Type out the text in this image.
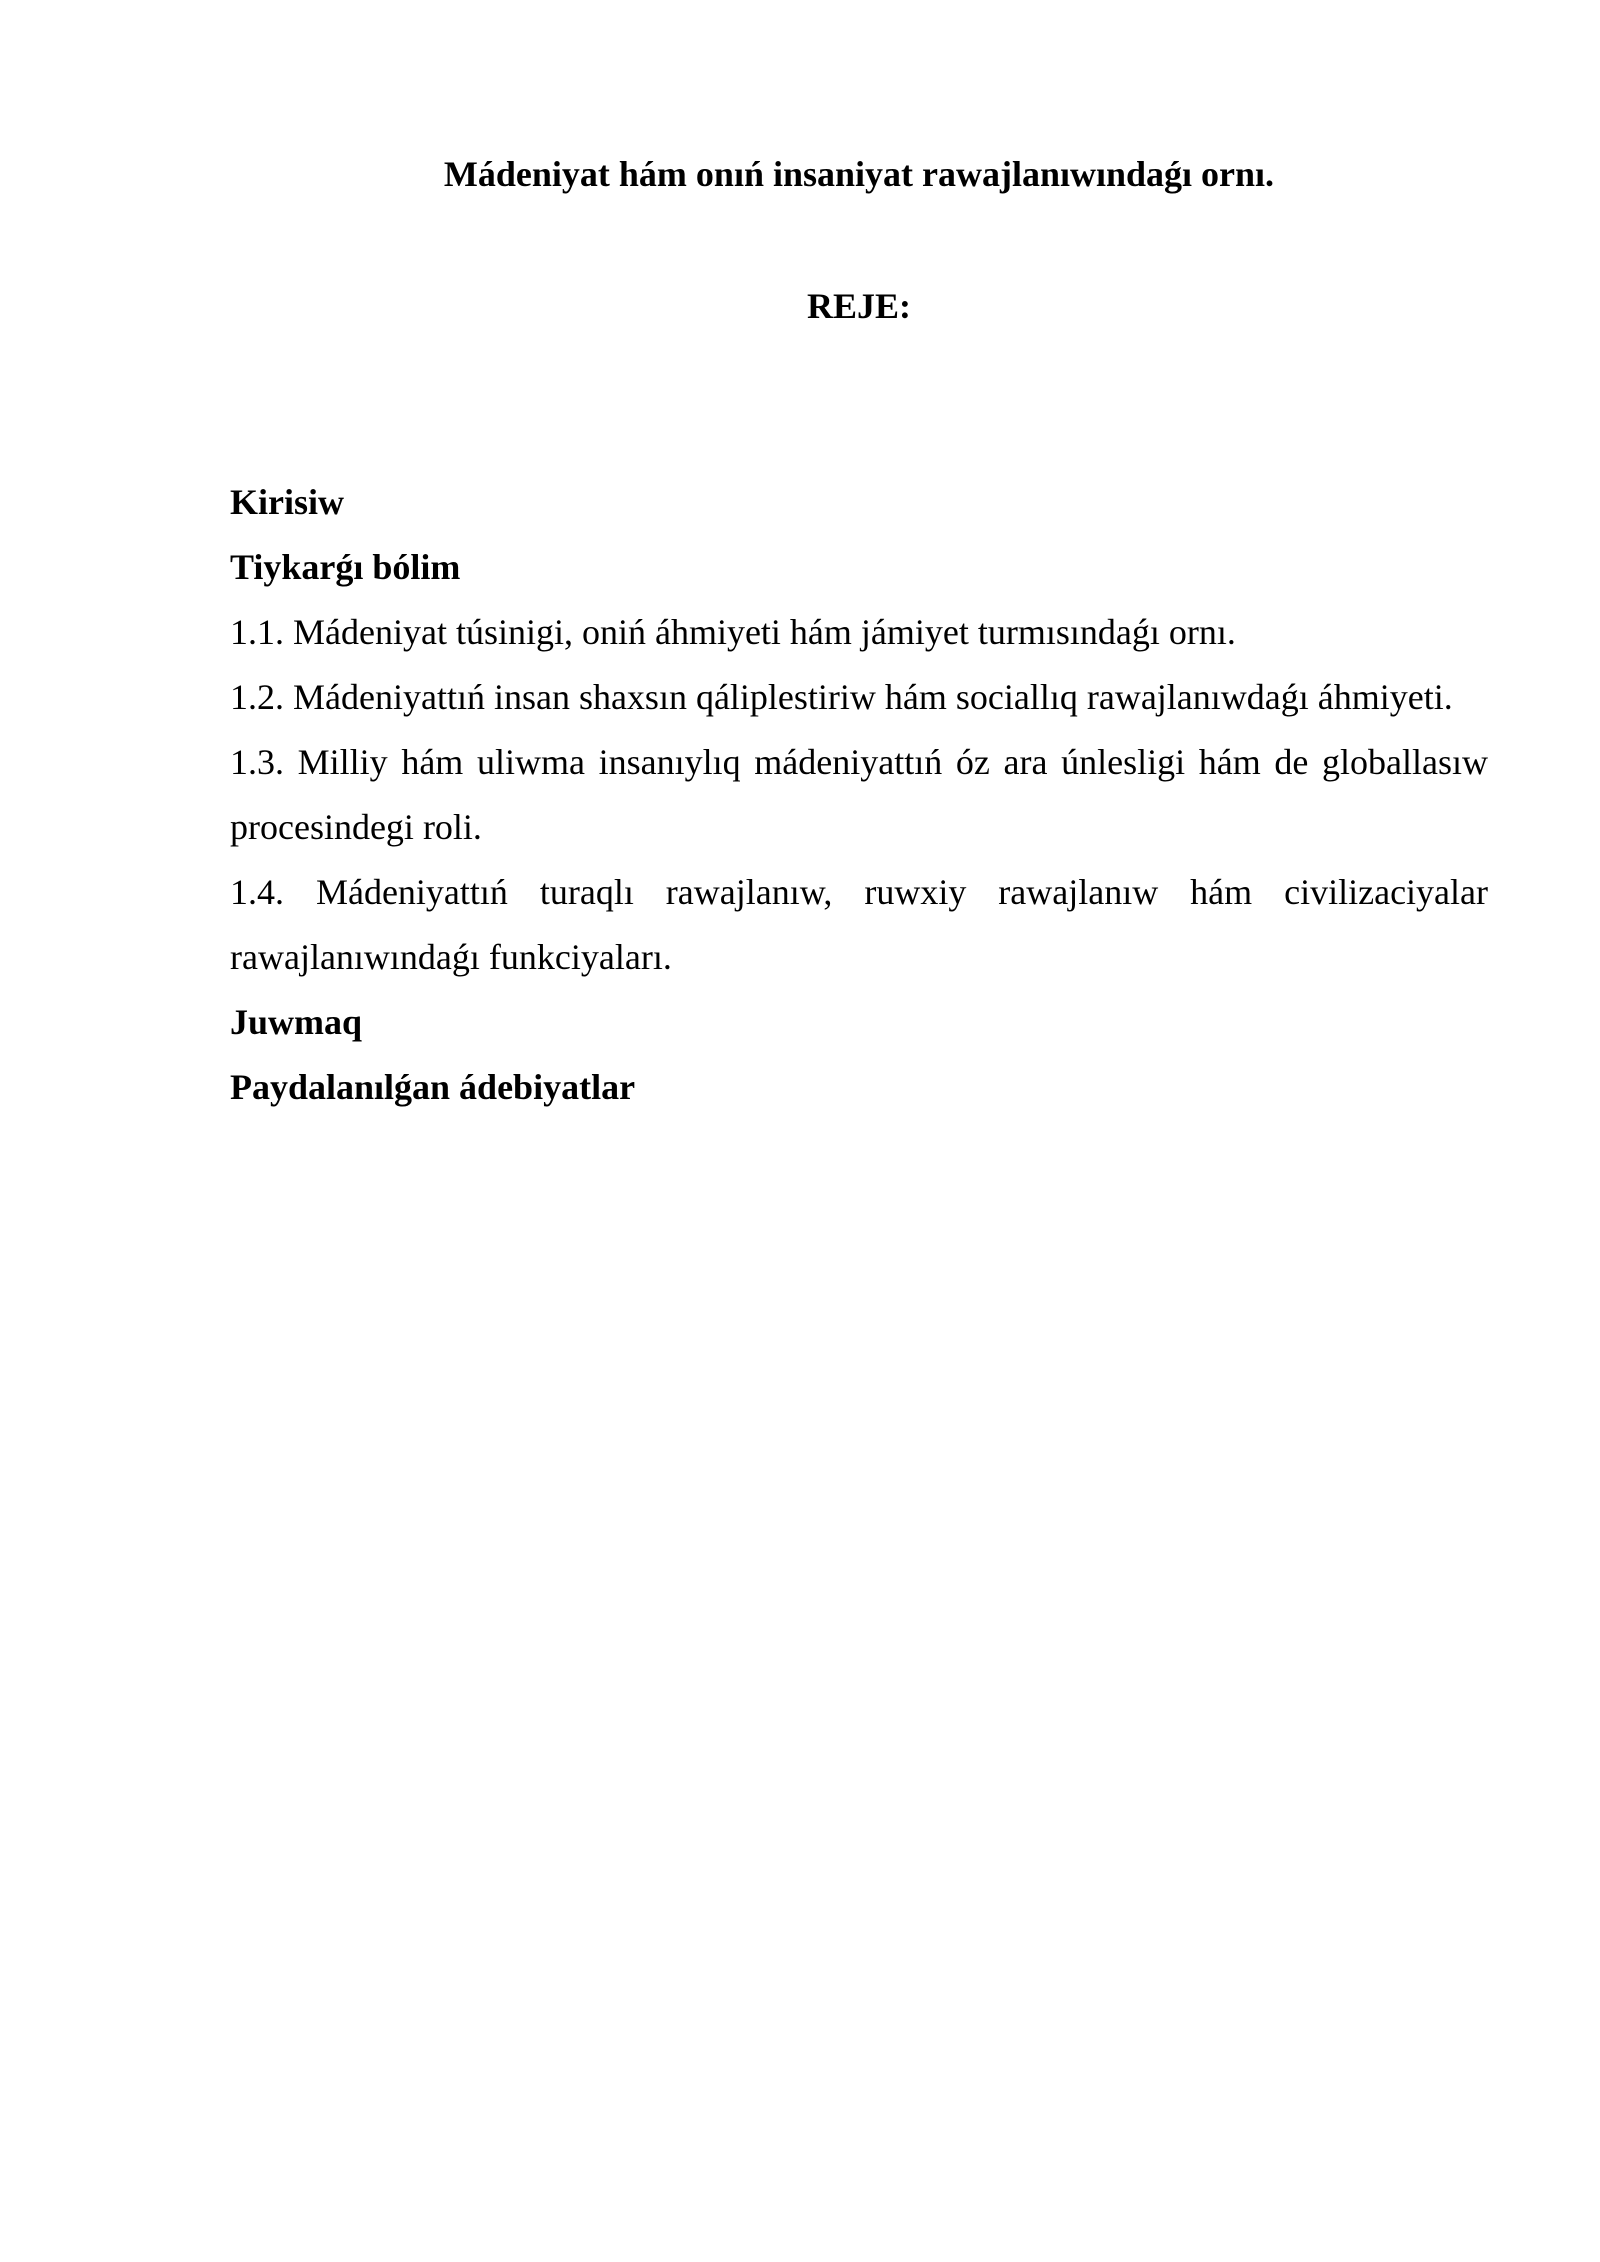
Mádeniyat hám onıń insaniyat rawajlanıwındaǵı ornı.
REJE:

Kirisiw

Tiykarǵı bólim

1.1. Mádeniyat túsinigi, oniń áhmiyeti hám jámiyet turmısındaǵı ornı.

1.2. Mádeniyattıń insan shaxsın qáliplestiriw hám sociallıq rawajlanıwdaǵı áhmiyeti.

1.3. Milliy hám uliwma insanıylıq mádeniyattıń óz ara únlesligi hám de globallasıw procesindegi roli.

1.4. Mádeniyattıń turaqlı rawajlanıw, ruwxiy rawajlanıw hám civilizaciyalar rawajlanıwındaǵı funkciyaları.

Juwmaq

Paydalanılǵan ádebiyatlar
